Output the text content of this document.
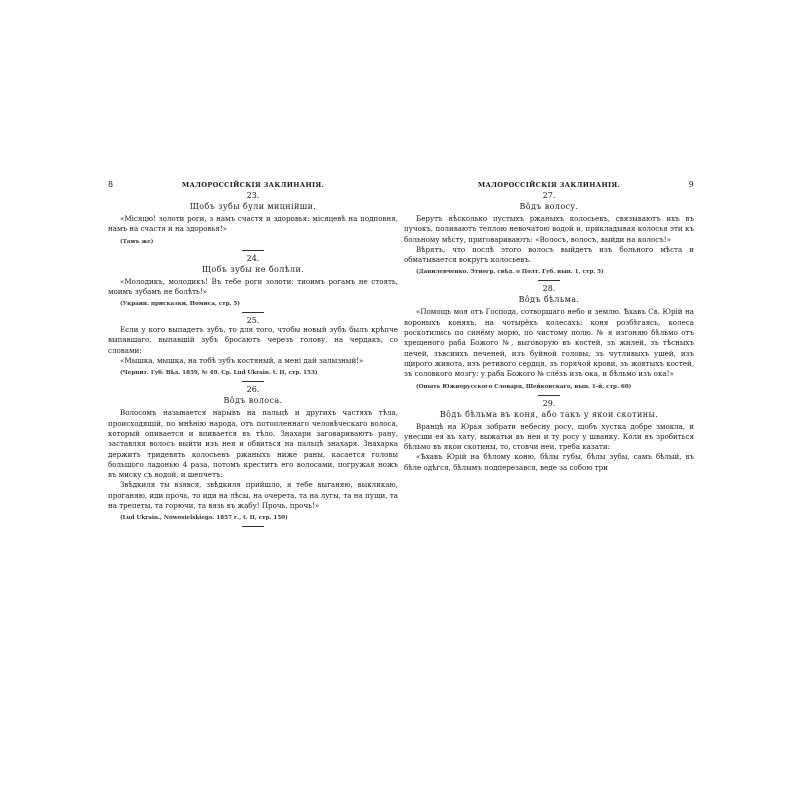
8	МАЛОРОССІЙСКІЯ ЗАКЛИНАНІЯ.
23.
Щобъ зубы були мицнійши.

«Місяцю! золоти роги, з намъ счастя и здоровья: місяцевѣ на подповня, намъ на счастя и на здоровья!»

(Тамъ же)

24.
Щобъ зубы не болѣли.

«Молодикъ, молодикъ! Въ тебе роги золоти: тиоимъ рогамъ не стоять, моимъ зубамъ не болѣть!»

(Украин. присказки, Номиса, стр. 5)

25.

Если у кого выпадетъ зубъ, то для того, чтобы новый зубъ былъ крѣпче выпавшаго, выпавшій зубъ бросаютъ черезъ голову, на чердакъ, со словами:

«Мышка, мышка, на тобѣ зубъ костяный, а мені дай залызный!»

(Чернит. Губ. Вѣд. 1859, № 49. Ср. Lud Ukrain. t. II, стр. 153)

26.
Вôдъ волоса.

Волосомъ называется нарывъ на пальцѣ и другихъ частяхъ тѣла, происходящій, по мнѣнію народа, отъ потопленнаго человѣческаго волоса, который опивается и впивается въ тѣло. Знахари заговариваютъ рану, заставляя волосъ выйти изъ нея и обвиться на пальцѣ знахаря. Знахарка держитъ тридевять колосьевъ ржаныхъ ниже раны, касается головы большого ладонью 4 раза, потомъ креститъ его волосами, погружая ножъ въ миску съ водой, и шепчетъ:

Звѣдкиля ты взявся, звѣдкиля прийшло, я тебе выганяю, выкликаю, проганяю, иди прочь, то иди на лѣсы, на очерета, та на лугы, та на пущи, та на трепеты, та горючи, та вязь въ жабу! Прочь, прочь!»

(Lud Ukrain., Nowosielskiego. 1857 г., t. II, стр. 150)

МАЛОРОССІЙСКІЯ ЗАКЛИНАНІЯ.	9
27.
Вôдъ волосу.

Берутъ нѣсколько пустыхъ ржаныхъ колосьевъ, связываютъ ихъ въ пучокъ, поливаютъ теплою невочатою водой и, прикладывая колосья эти къ больному мѣсту, приговариваютъ: «Волосъ, волосъ, выйди на колосъ!»

Вѣрятъ, что послѣ этого волосъ выйдетъ изъ больного мѣста и обматывается вокругъ колосьевъ.

(Данилевченко. Этногр. свѣд. о Полт. Губ. вып. 1, стр. 5)

28.
Вôдъ бѣльма.

«Помощь моя отъ Господа, сотворшаго небо и землю. Ѣхавъ Св. Юрій на вороныхъ коняхъ, на чотырёхъ колесахъ: коня розбѣгаясь, колеса роскотились по синёму морю, по чистому полю. № я изгоняю бѣльмо отъ хрещеного раба Божого №, выговорую въ костей, зъ жилей, зъ тѣсныхъ печей, зъвсиихъ печеней, изъ буйной головы, зъ чутливыхъ ушей, изъ щирого живота, изъ ретивого сердця, зъ горячой крови, зъ жовтыхъ костей, зъ соловкого мозгу: у раба Божого № слёзъ изъ ока, и бѣльмо изъ ока!»

(Опыть Южнорусского Словаря, Шейковскаго, вып. 1-й, стр. 60)

29.
Вôдъ бѣльма въ коня, або такъ у якои скотины.

Вранцѣ на Юрья зобрати небесну росу, щобъ хустка добре змокла, и унесши ея въ хату, выжатьи въ неи и ту росу у шванку. Коли въ зробиться бѣльмо въ якои скотины, то, стовчи неи, треба казати:

«Ѣхавъ Юрій на бѣлому коню, бѣлы губы, бѣлы зубы, самъ бѣлый, въ бѣле одѣгся, бѣлымъ подперезався, веде за собою три
